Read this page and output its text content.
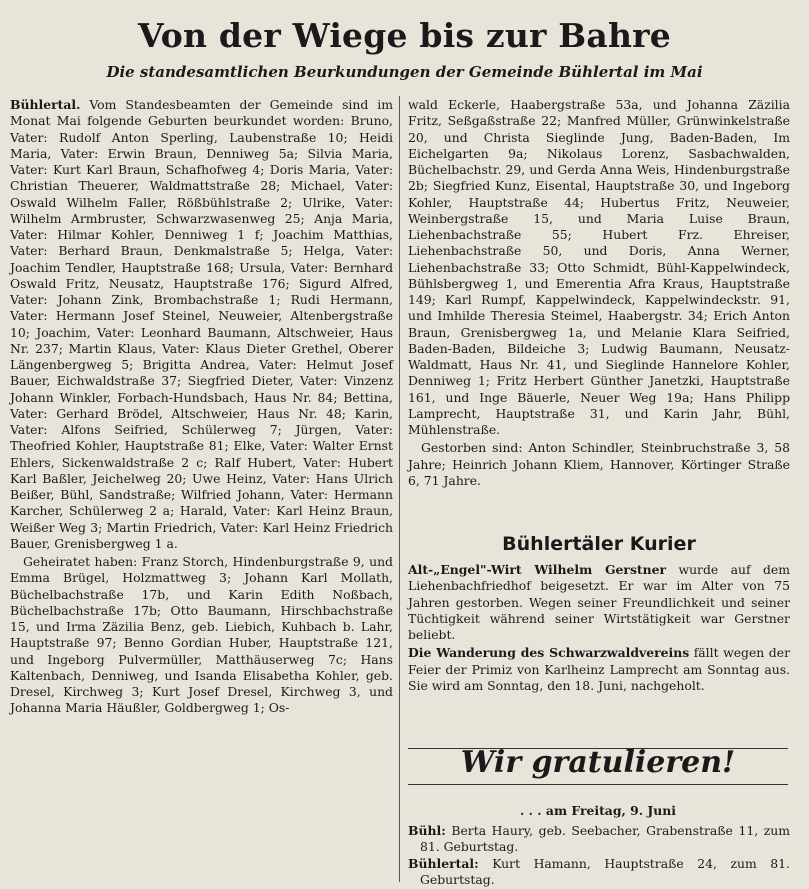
Von der Wiege bis zur Bahre
Die standesamtlichen Beurkundungen der Gemeinde Bühlertal im Mai

Bühlertal. Vom Standesbeamten der Gemeinde sind im Monat Mai folgende Geburten beurkundet worden: Bruno, Vater: Rudolf Anton Sperling, Laubenstraße 10; Heidi Maria, Vater: Erwin Braun, Denniweg 5a; Silvia Maria, Vater: Kurt Karl Braun, Schafhofweg 4; Doris Maria, Vater: Christian Theuerer, Waldmattstraße 28; Michael, Vater: Oswald Wilhelm Faller, Rößbühlstraße 2; Ulrike, Vater: Wilhelm Armbruster, Schwarzwasenweg 25; Anja Maria, Vater: Hilmar Kohler, Denniweg 1 f; Joachim Matthias, Vater: Berhard Braun, Denkmalstraße 5; Helga, Vater: Joachim Tendler, Hauptstraße 168; Ursula, Vater: Bernhard Oswald Fritz, Neusatz, Hauptstraße 176; Sigurd Alfred, Vater: Johann Zink, Brombachstraße 1; Rudi Hermann, Vater: Hermann Josef Steinel, Neuweier, Altenbergstraße 10; Joachim, Vater: Leonhard Baumann, Altschweier, Haus Nr. 237; Martin Klaus, Vater: Klaus Dieter Grethel, Oberer Längenbergweg 5; Brigitta Andrea, Vater: Helmut Josef Bauer, Eichwaldstraße 37; Siegfried Dieter, Vater: Vinzenz Johann Winkler, Forbach-Hundsbach, Haus Nr. 84; Bettina, Vater: Gerhard Brödel, Altschweier, Haus Nr. 48; Karin, Vater: Alfons Seifried, Schülerweg 7; Jürgen, Vater: Theofried Kohler, Hauptstraße 81; Elke, Vater: Walter Ernst Ehlers, Sickenwaldstraße 2 c; Ralf Hubert, Vater: Hubert Karl Baßler, Jeichelweg 20; Uwe Heinz, Vater: Hans Ulrich Beißer, Bühl, Sandstraße; Wilfried Johann, Vater: Hermann Karcher, Schülerweg 2 a; Harald, Vater: Karl Heinz Braun, Weißer Weg 3; Martin Friedrich, Vater: Karl Heinz Friedrich Bauer, Grenisbergweg 1 a.

Geheiratet haben: Franz Storch, Hindenburgstraße 9, und Emma Brügel, Holzmattweg 3; Johann Karl Mollath, Büchelbachstraße 17b, und Karin Edith Noßbach, Büchelbachstraße 17b; Otto Baumann, Hirschbachstraße 15, und Irma Zäzilia Benz, geb. Liebich, Kuhbach b. Lahr, Hauptstraße 97; Benno Gordian Huber, Hauptstraße 121, und Ingeborg Pulvermüller, Matthäuserweg 7c; Hans Kaltenbach, Denniweg, und Isanda Elisabetha Kohler, geb. Dresel, Kirchweg 3; Kurt Josef Dresel, Kirchweg 3, und Johanna Maria Häußler, Goldbergweg 1; Os-

wald Eckerle, Haabergstraße 53a, und Johanna Zäzilia Fritz, Seßgaßstraße 22; Manfred Müller, Grünwinkelstraße 20, und Christa Sieglinde Jung, Baden-Baden, Im Eichelgarten 9a; Nikolaus Lorenz, Sasbachwalden, Büchelbachstr. 29, und Gerda Anna Weis, Hindenburgstraße 2b; Siegfried Kunz, Eisental, Hauptstraße 30, und Ingeborg Kohler, Hauptstraße 44; Hubertus Fritz, Neuweier, Weinbergstraße 15, und Maria Luise Braun, Liehenbachstraße 55; Hubert Frz. Ehreiser, Liehenbachstraße 50, und Doris, Anna Werner, Liehenbachstraße 33; Otto Schmidt, Bühl-Kappelwindeck, Bühlsbergweg 1, und Emerentia Afra Kraus, Hauptstraße 149; Karl Rumpf, Kappelwindeck, Kappelwindeckstr. 91, und Imhilde Theresia Steimel, Haabergstr. 34; Erich Anton Braun, Grenisbergweg 1a, und Melanie Klara Seifried, Baden-Baden, Bildeiche 3; Ludwig Baumann, Neusatz-Waldmatt, Haus Nr. 41, und Sieglinde Hannelore Kohler, Denniweg 1; Fritz Herbert Günther Janetzki, Hauptstraße 161, und Inge Bäuerle, Neuer Weg 19a; Hans Philipp Lamprecht, Hauptstraße 31, und Karin Jahr, Bühl, Mühlenstraße.

Gestorben sind: Anton Schindler, Steinbruchstraße 3, 58 Jahre; Heinrich Johann Kliem, Hannover, Körtinger Straße 6, 71 Jahre.

Bühlertäler Kurier

Alt-„Engel"-Wirt Wilhelm Gerstner wurde auf dem Liehenbachfriedhof beigesetzt. Er war im Alter von 75 Jahren gestorben. Wegen seiner Freundlichkeit und seiner Tüchtigkeit während seiner Wirtstätigkeit war Gerstner beliebt.

Die Wanderung des Schwarzwaldvereins fällt wegen der Feier der Primiz von Karlheinz Lamprecht am Sonntag aus. Sie wird am Sonntag, den 18. Juni, nachgeholt.

Wir gratulieren!
. . . am Freitag, 9. Juni

Bühl: Berta Haury, geb. Seebacher, Grabenstraße 11, zum 81. Geburtstag.

Bühlertal: Kurt Hamann, Hauptstraße 24, zum 81. Geburtstag.
